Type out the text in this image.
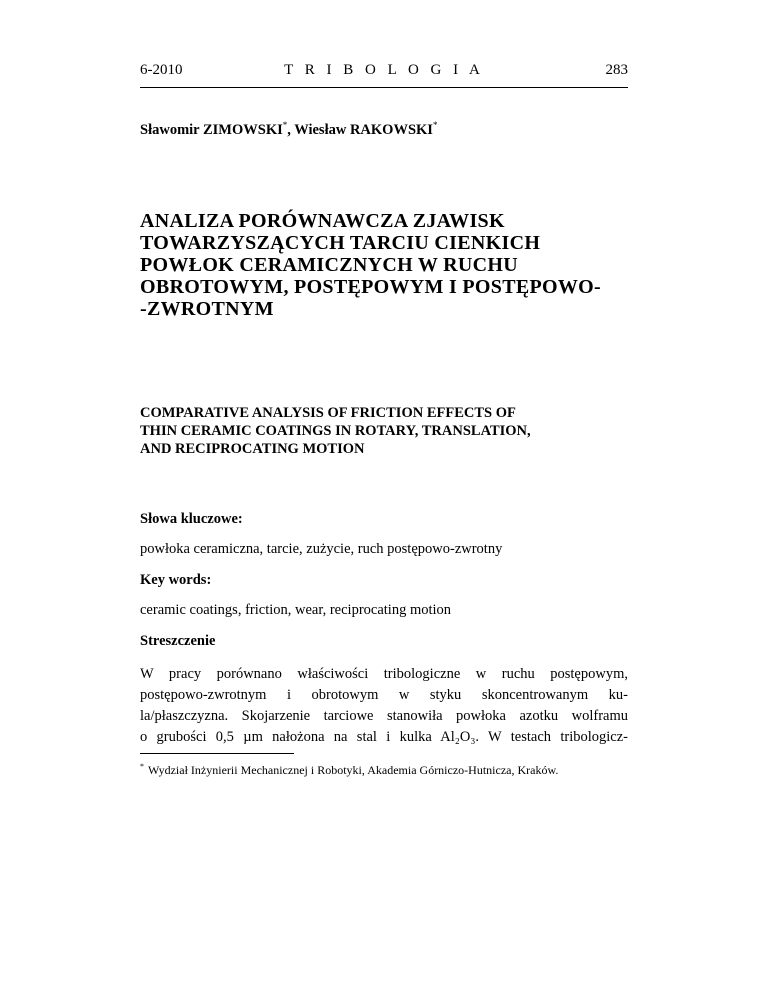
6-2010	T R I B O L O G I A	283
Sławomir ZIMOWSKI*, Wiesław RAKOWSKI*
ANALIZA PORÓWNAWCZA ZJAWISK
TOWARZYSZĄCYCH TARCIU CIENKICH
POWŁOK CERAMICZNYCH W RUCHU
OBROTOWYM, POSTĘPOWYM I POSTĘPOWO-
-ZWROTNYM
COMPARATIVE ANALYSIS OF FRICTION EFFECTS OF
THIN CERAMIC COATINGS IN ROTARY, TRANSLATION,
AND RECIPROCATING MOTION
Słowa kluczowe:
powłoka ceramiczna, tarcie, zużycie, ruch postępowo-zwrotny
Key words:
ceramic coatings, friction, wear, reciprocating motion
Streszczenie
W pracy porównano właściwości tribologiczne w ruchu postępowym,
postępowo-zwrotnym i obrotowym w styku skoncentrowanym ku-
la/płaszczyzna. Skojarzenie tarciowe stanowiła powłoka azotku wolframu
o grubości 0,5 µm nałożona na stal i kulka Al₂O₃. W testach tribologicz-
* Wydział Inżynierii Mechanicznej i Robotyki, Akademia Górniczo-Hutnicza, Kraków.
